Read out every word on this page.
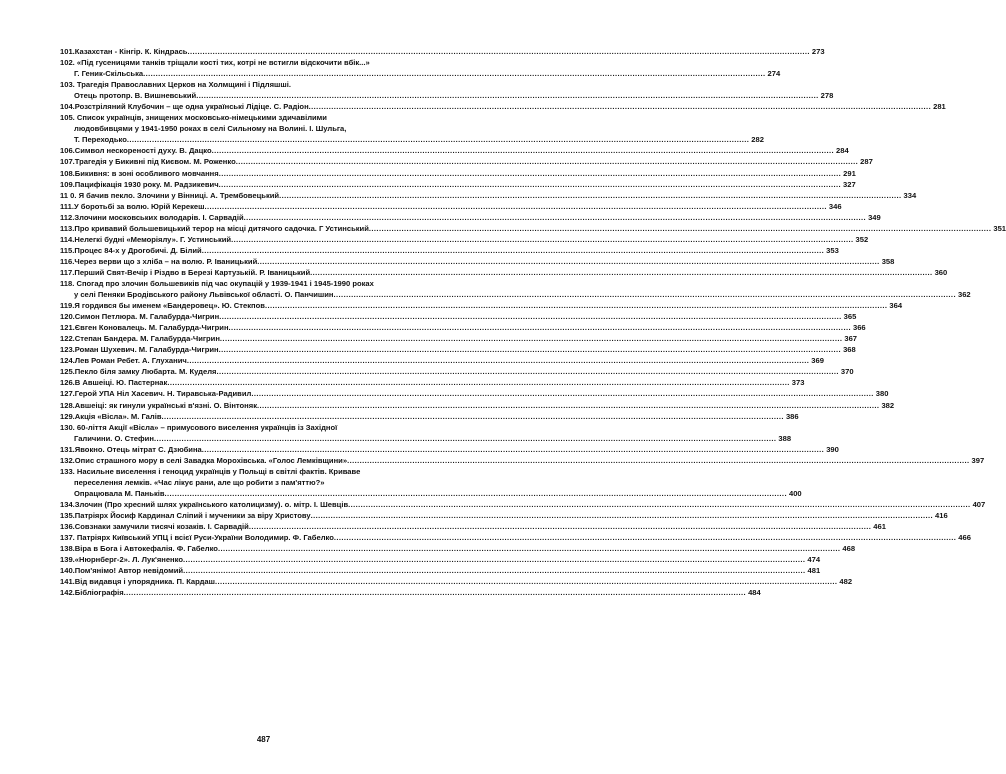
101.Казахстан - Кінгір. К. Кіндрась .....	273
102. «Під гусеницями танків тріщали кості тих, котрі не встигли відскочити вбік...»
Г. Геник-Скільська .....	274
103. Трагедія Православних Церков на Холмщині і Підляшші.
Отець протопр. В. Вишневський .....	278
104.Розстріляний Клубочин – ще одна українські Лідіце. С. Радіон .....	281
105. Список українців, знищених московсько-німецькими здичавілими
людовбивцями у 1941-1950 роках в селі Сильному на Волині. І. Шульга,
Т. Переходько .....	282
106.Символ нескореності духу. В. Дацко .....	284
107.Трагедія у Бикивні під Києвом. М. Роженко .....	287
108.Бикивня: в зоні особливого мовчання .....	291
109.Пацифікація 1930 року. М. Радзикевич .....	327
11 0. Я бачив пекло. Злочини у Вінниці. А. Трембовецький .....	334
111.У боротьбі за волю. Юрій Керекеш .....	346
112.Злочини московських володарів. І. Сарвадій .....	349
113.Про кривавий большевицький терор на місці дитячого садочка. Г Устинський .....	351
114.Нелегкі будні «Меморіялу». Г. Устинський .....	352
115.Процес 84-х у Дрогобичі. Д. Білий .....	353
116.Через верви що з хліба – на волю. Р. Іваницький .....	358
117.Перший Свят-Вечір і Різдво в Березі Картузькій. Р. Іваницький .....	360
118. Спогад про злочин большевиків під час окупацій у 1939-1941 і 1945-1990 роках
у селі Пеняки Бродівського району Львівської області. О. Панчишин .....	362
119.Я гордився бы именем «Бандеровец». Ю. Стекпов .....	364
120.Симон Петлюра. М. Галабурда-Чигрин .....	365
121.Євген Коновалець. М. Галабурда-Чигрин .....	366
122.Степан Бандера. М. Галабурда-Чигрин .....	367
123.Роман Шухевич. М. Галабурда-Чигрин .....	368
124.Лев Роман Ребет. А. Глуханич .....	369
125.Пекло біля замку Любарта. М. Куделя .....	370
126.В Авшеіці. Ю. Пастернак .....	373
127.Герой УПА Ніл Хасевич. Н. Тиравська-Радивил .....	380
128.Авшеіці: як гинули українські в'язні. О. Вінтоняк .....	382
129.Акція «Вісла». М. Галів .....	386
130. 60-ліття Акції «Вісла» – примусового виселення українців із Західної
Галичини. О. Стефин .....	388
131.Явокно. Отець мітрат С. Дзюбина .....	390
132.Опис страшного мору в селі Завадка Мороxівська. «Голос Лемківщини» .....	397
133. Насильне виселення і геноцид українців у Польщі в світлі фактів. Криваве
переселення лемків. «Час лікує рани, але що робити з пам'яттю?»
Опрацювала М. Паньків .....	400
134.Злочин (Про хресний шлях українського католицизму). о. мітр. І. Шевців .....	407
135.Патріярх Йосиф Кардинал Сліпий і мученики за віру Христову .....	416
136.Совзнаки замучили тисячі козаків. І. Сарвадій .....	461
137. Патріярх Київський УПЦ і всієї Руси-України Володимир. Ф. Габелко .....	466
138.Віра в Бога і Автокефалія. Ф. Габелко .....	468
139.«Нюрнберг-2». Л. Лук'яненко .....	474
140.Пом'янімо! Автор невідомий .....	481
141.Від видавця і упорядника. П. Кардаш .....	482
142.Бібліографія .....	484
487
